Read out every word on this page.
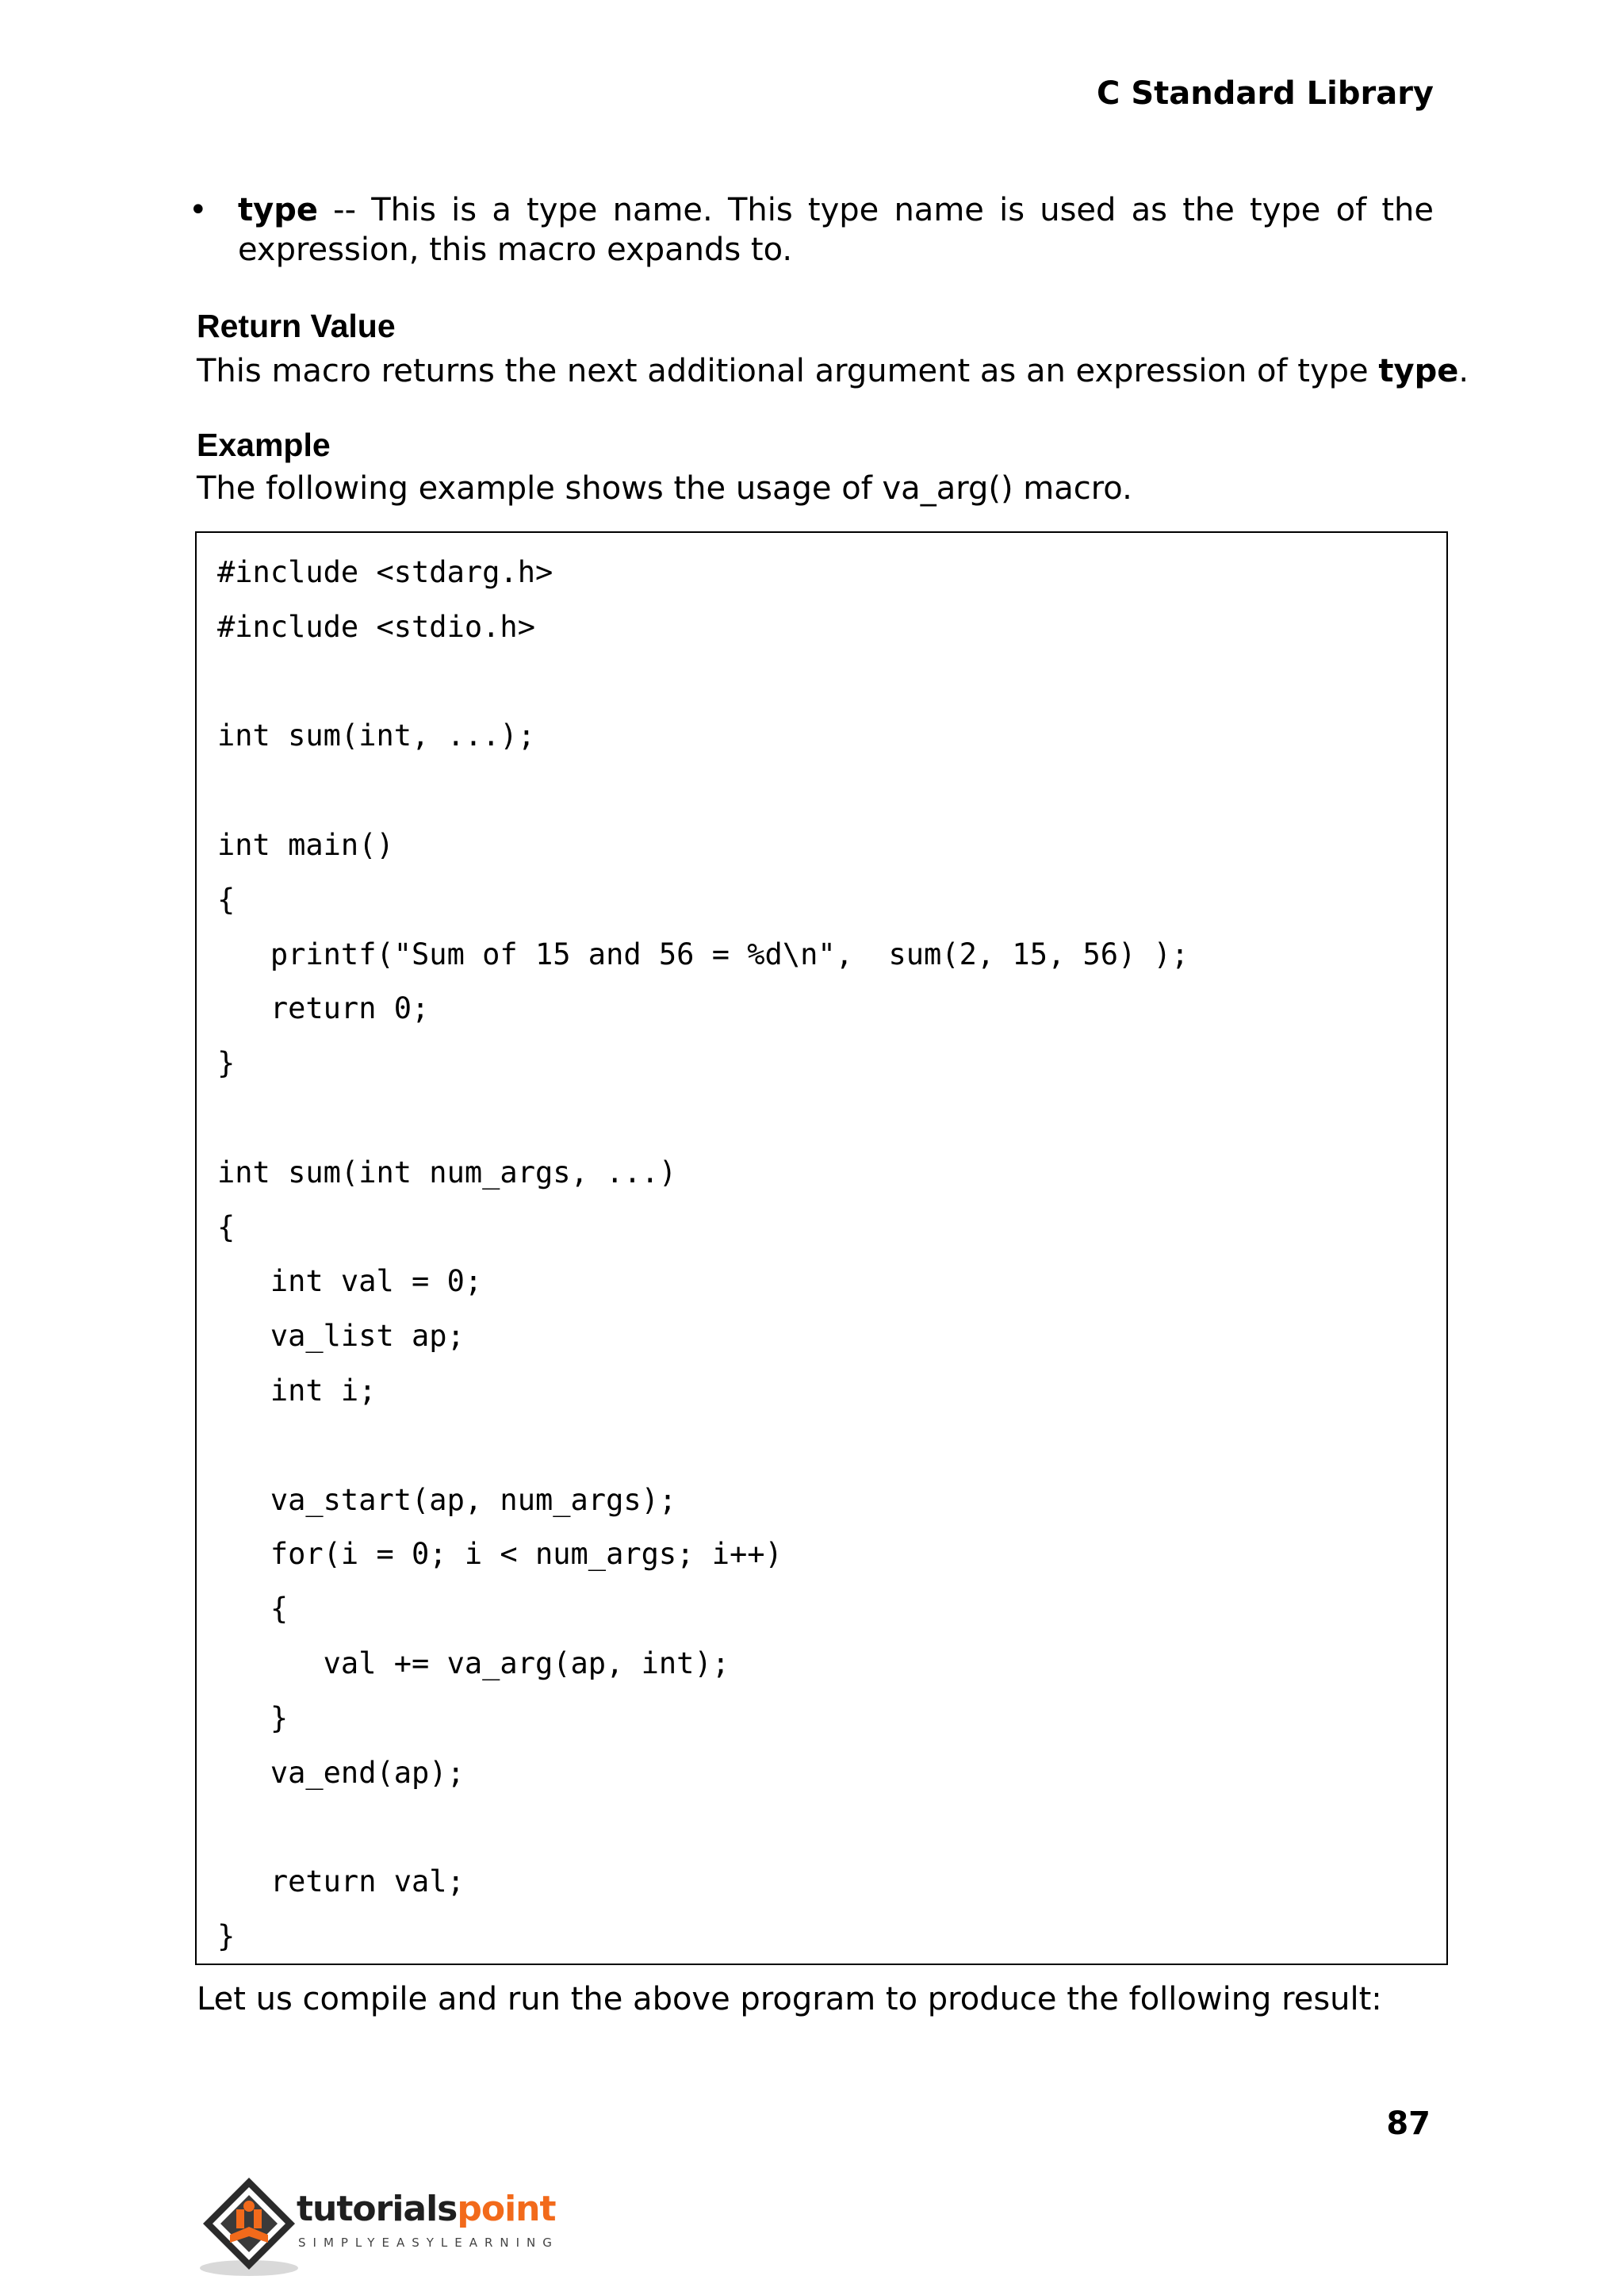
C Standard Library
• type -- This is a type name. This type name is used as the type of the expression, this macro expands to.
Return Value
This macro returns the next additional argument as an expression of type type.
Example
The following example shows the usage of va_arg() macro.
#include <stdarg.h>
#include <stdio.h>
int sum(int, ...);
int main()
{
printf("Sum of 15 and 56 = %d\n",  sum(2, 15, 56) );
return 0;
}
int sum(int num_args, ...)
{
int val = 0;
va_list ap;
int i;
va_start(ap, num_args);
for(i = 0; i < num_args; i++)
{
val += va_arg(ap, int);
}
va_end(ap);
return val;
}
Let us compile and run the above program to produce the following result:
87
tutorialspoint
SIMPLYEASYLEARNING
